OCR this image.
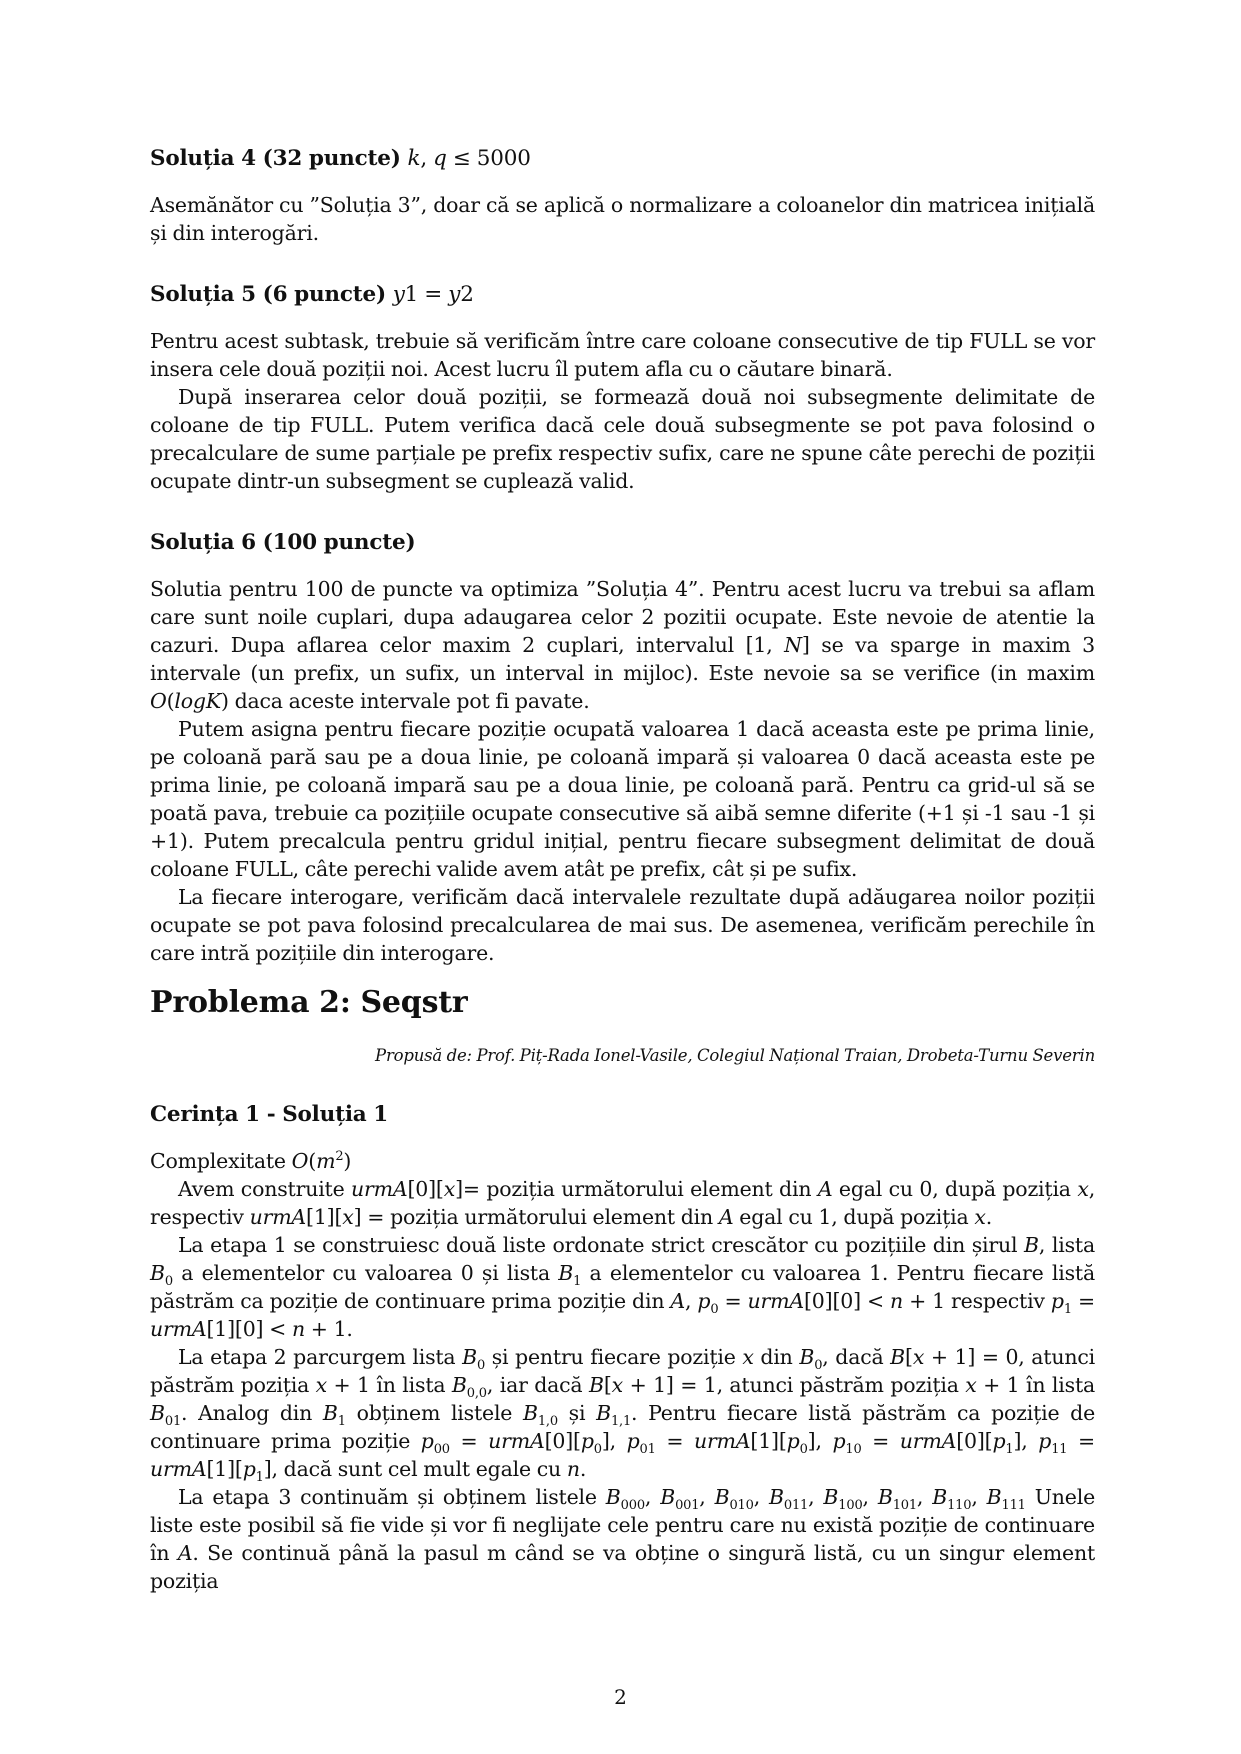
Soluția 4 (32 puncte) k, q ≤ 5000

Asemănător cu ”Soluția 3”, doar că se aplică o normalizare a coloanelor din matricea inițială și din interogări.

Soluția 5 (6 puncte) y1 = y2

Pentru acest subtask, trebuie să verificăm între care coloane consecutive de tip FULL se vor insera cele două poziții noi. Acest lucru îl putem afla cu o căutare binară.

După inserarea celor două poziții, se formează două noi subsegmente delimitate de coloane de tip FULL. Putem verifica dacă cele două subsegmente se pot pava folosind o precalculare de sume parțiale pe prefix respectiv sufix, care ne spune câte perechi de poziții ocupate dintr-un subsegment se cuplează valid.

Soluția 6 (100 puncte)

Solutia pentru 100 de puncte va optimiza ”Soluția 4”. Pentru acest lucru va trebui sa aflam care sunt noile cuplari, dupa adaugarea celor 2 pozitii ocupate. Este nevoie de atentie la cazuri. Dupa aflarea celor maxim 2 cuplari, intervalul [1, N] se va sparge in maxim 3 intervale (un prefix, un sufix, un interval in mijloc). Este nevoie sa se verifice (in maxim O(logK) daca aceste intervale pot fi pavate.

Putem asigna pentru fiecare poziție ocupată valoarea 1 dacă aceasta este pe prima linie, pe coloană pară sau pe a doua linie, pe coloană impară și valoarea 0 dacă aceasta este pe prima linie, pe coloană impară sau pe a doua linie, pe coloană pară. Pentru ca grid-ul să se poată pava, trebuie ca pozițiile ocupate consecutive să aibă semne diferite (+1 și -1 sau -1 și +1). Putem precalcula pentru gridul inițial, pentru fiecare subsegment delimitat de două coloane FULL, câte perechi valide avem atât pe prefix, cât și pe sufix.

La fiecare interogare, verificăm dacă intervalele rezultate după adăugarea noilor poziții ocupate se pot pava folosind precalcularea de mai sus. De asemenea, verificăm perechile în care intră pozițiile din interogare.

Problema 2: Seqstr

Propusă de: Prof. Piț-Rada Ionel-Vasile, Colegiul Național Traian, Drobeta-Turnu Severin

Cerința 1 - Soluția 1

Complexitate $O(m^2)$

Avem construite urmA[0][x]= poziția următorului element din A egal cu 0, după poziția x, respectiv urmA[1][x] = poziția următorului element din A egal cu 1, după poziția x.

La etapa 1 se construiesc două liste ordonate strict crescător cu pozițiile din șirul B, lista $B_0$ a elementelor cu valoarea 0 și lista $B_1$ a elementelor cu valoarea 1. Pentru fiecare listă păstrăm ca poziție de continuare prima poziție din A, $p_0$ = urmA[0][0] < n + 1 respectiv $p_1$ = urmA[1][0] < n + 1.

La etapa 2 parcurgem lista $B_0$ și pentru fiecare poziție x din $B_0$, dacă B[x + 1] = 0, atunci păstrăm poziția x + 1 în lista $B_{0,0}$, iar dacă B[x + 1] = 1, atunci păstrăm poziția x + 1 în lista $B_{01}$. Analog din $B_1$ obținem listele $B_{1,0}$ și $B_{1,1}$. Pentru fiecare listă păstrăm ca poziție de continuare prima poziție $p_{00}$ = $urmA[0][p_0]$, $p_{01}$ = $urmA[1][p_0]$, $p_{10}$ = $urmA[0][p_1]$, $p_{11}$ = $urmA[1][p_1]$, dacă sunt cel mult egale cu n.

La etapa 3 continuăm și obținem listele $B_{000}$, $B_{001}$, $B_{010}$, $B_{011}$, $B_{100}$, $B_{101}$, $B_{110}$, $B_{111}$ Unele liste este posibil să fie vide și vor fi neglijate cele pentru care nu există poziție de continuare în A. Se continuă până la pasul m când se va obține o singură listă, cu un singur element poziția

2
